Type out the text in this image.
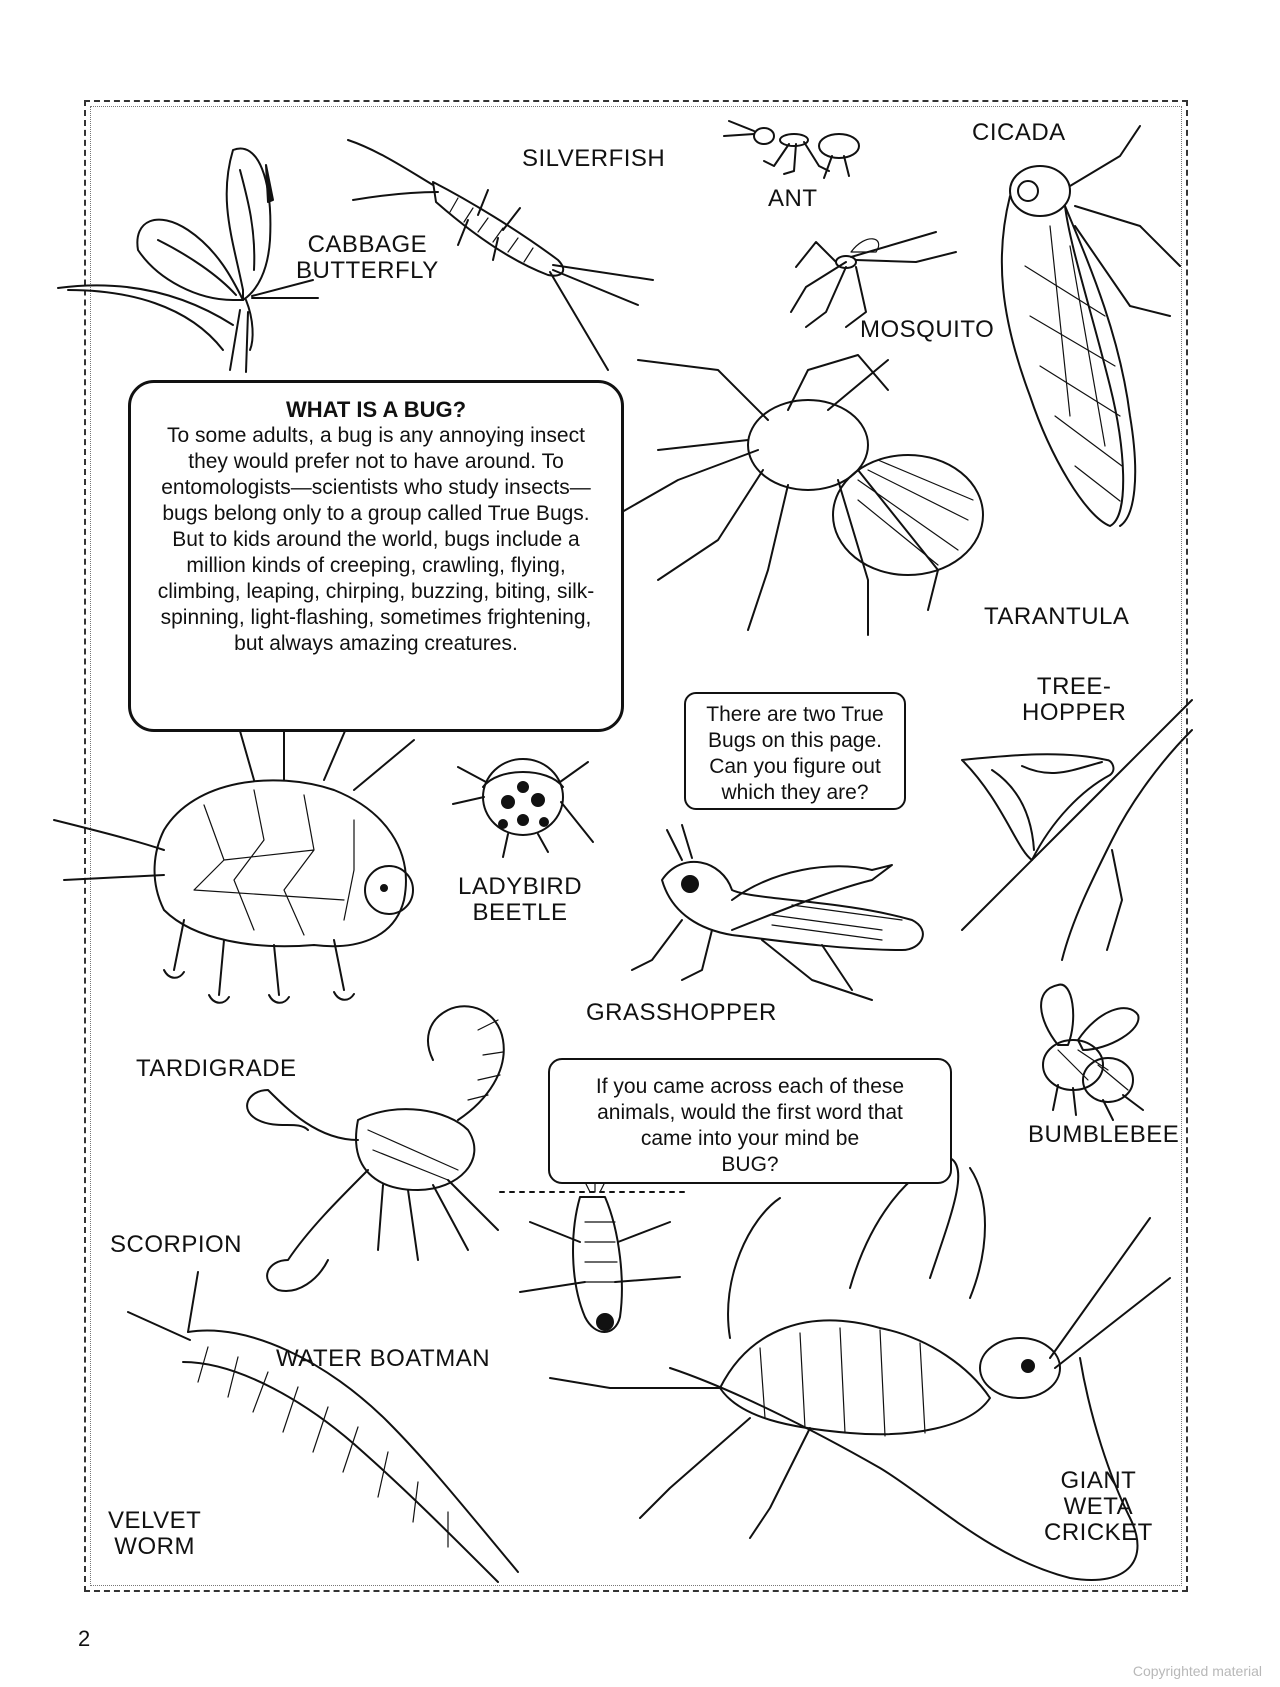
CABBAGE
BUTTERFLY
SILVERFISH
ANT
CICADA
MOSQUITO
TARANTULA
TREE-
HOPPER
LADYBIRD
BEETLE
GRASSHOPPER
TARDIGRADE
BUMBLEBEE
SCORPION
WATER BOATMAN
VELVET
WORM
GIANT
WETA
CRICKET
WHAT IS A BUG?
To some adults, a bug is any annoying insect they would prefer not to have around. To entomologists—scientists who study insects—bugs belong only to a group called True Bugs. But to kids around the world, bugs include a million kinds of creeping, crawling, flying, climbing, leaping, chirping, buzzing, biting, silk-spinning, light-flashing, sometimes frightening, but always amazing creatures.
There are two True
Bugs on this page.
Can you figure out
which they are?
If you came across each of these
animals, would the first word that
came into your mind be
BUG?
2
Copyrighted material
